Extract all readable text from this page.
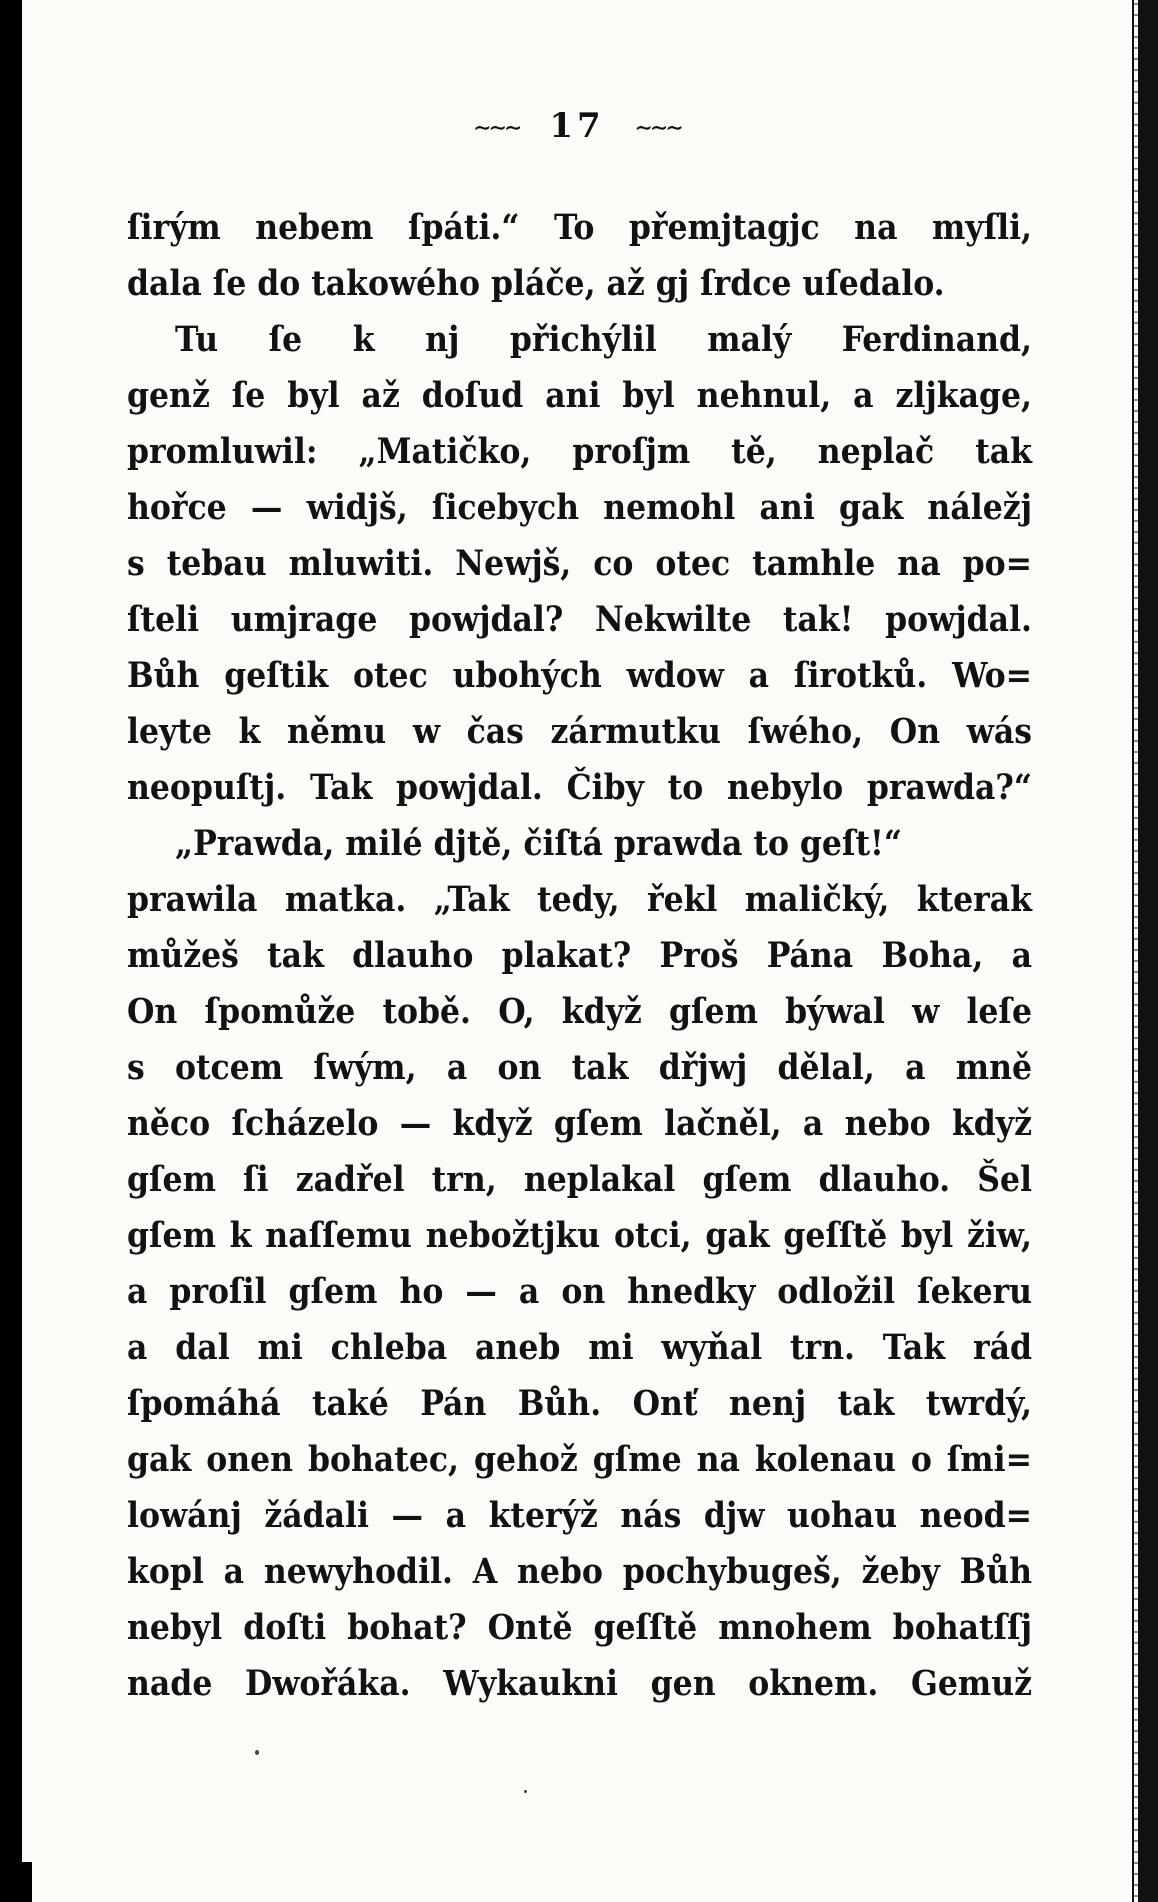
∼∼∼ 17 ∼∼∼
ſirým nebem ſpáti.“ To přemjtagjc na myſli,
dala ſe do takowého pláče, až gj ſrdce uſedalo.
Tu ſe k nj přichýlil malý Ferdinand,
genž ſe byl až doſud ani byl nehnul, a zljkage,
promluwil: „Matičko, proſjm tě, neplač tak
hořce — widjš, ſicebych nemohl ani gak náležj
s tebau mluwiti. Newjš, co otec tamhle na po=
ſteli umjrage powjdal? Nekwilte tak! powjdal.
Bůh geſtik otec ubohých wdow a ſirotků. Wo=
leyte k němu w čas zármutku ſwého, On wás
neopuſtj. Tak powjdal. Čiby to nebylo prawda?“
„Prawda, milé djtě, čiſtá prawda to geſt!“
prawila matka. „Tak tedy, řekl maličký, kterak
můžeš tak dlauho plakat? Proš Pána Boha, a
On ſpomůže tobě. O, když gſem býwal w leſe
s otcem ſwým, a on tak dřjwj dělal, a mně
něco ſcházelo — když gſem lačněl, a nebo když
gſem ſi zadřel trn, neplakal gſem dlauho. Šel
gſem k naſſemu nebožtjku otci, gak geſſtě byl žiw,
a proſil gſem ho — a on hnedky odložil ſekeru
a dal mi chleba aneb mi wyňal trn. Tak rád
ſpomáhá také Pán Bůh. Onť nenj tak twrdý,
gak onen bohatec, gehož gſme na kolenau o ſmi=
lowánj žádali — a kterýž nás djw uohau neod=
kopl a newyhodil. A nebo pochybugeš, žeby Bůh
nebyl doſti bohat? Ontě geſſtě mnohem bohatſſj
nade Dwořáka. Wykaukni gen oknem. Gemuž
